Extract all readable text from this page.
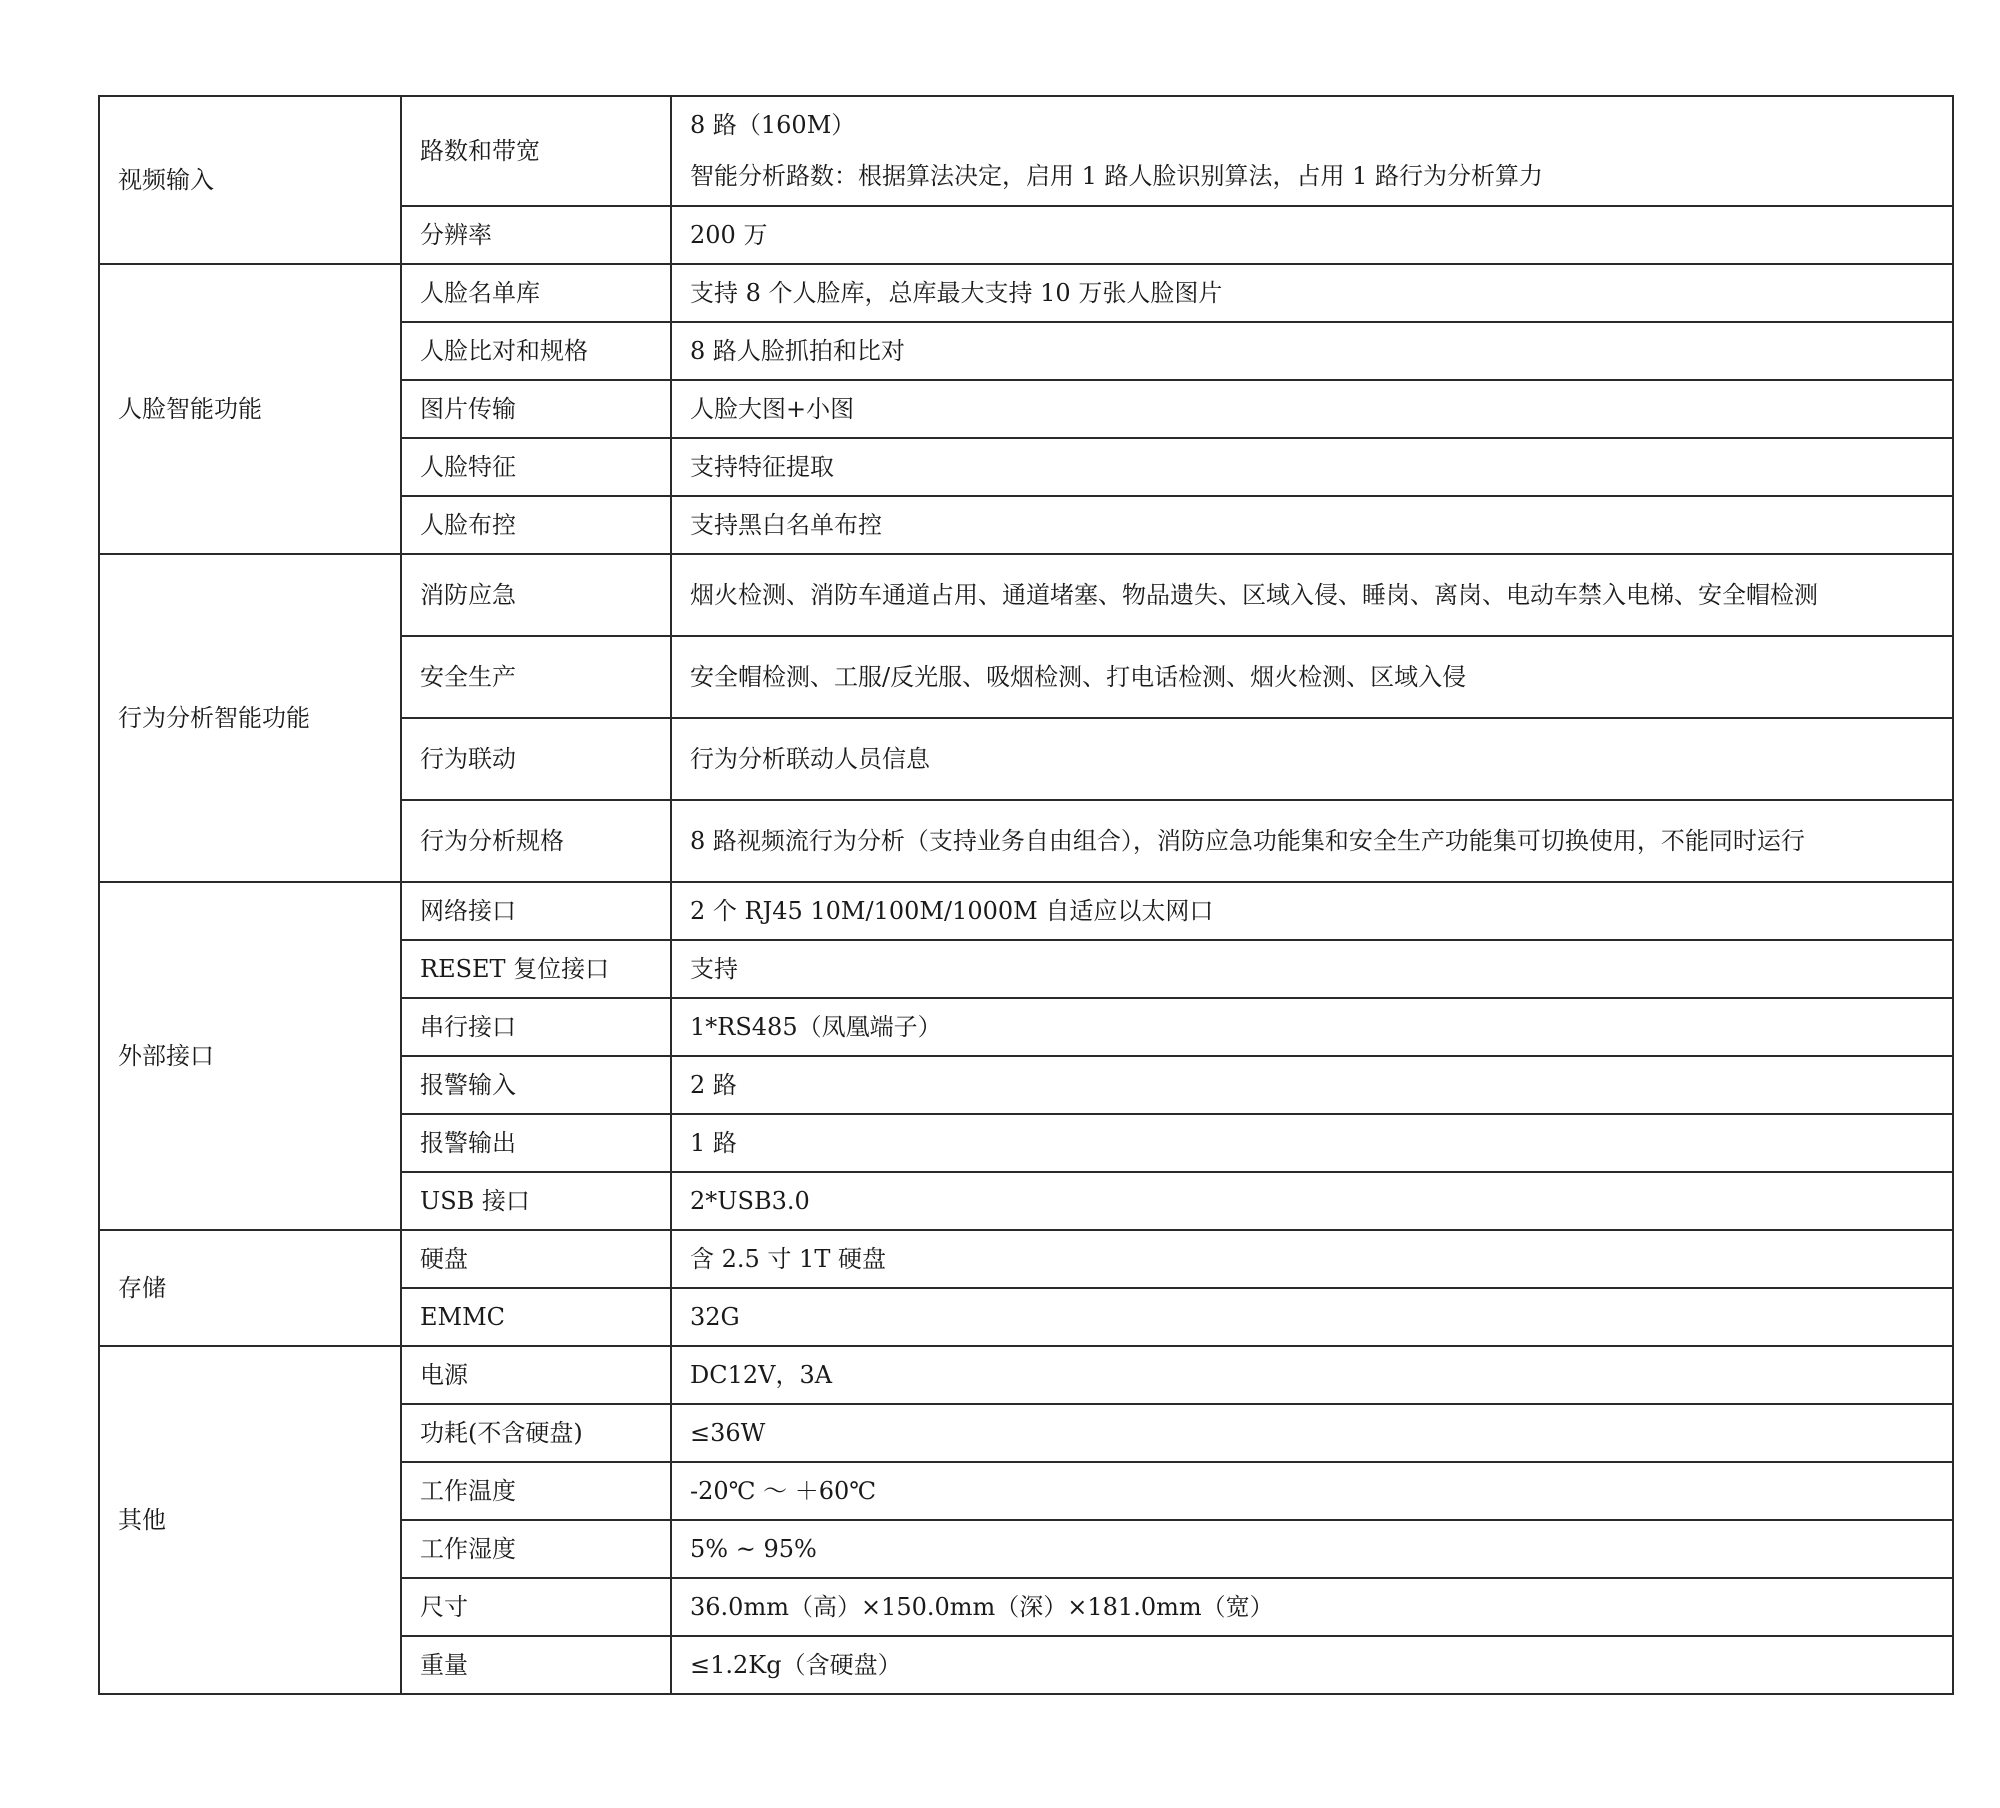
视频输入	路数和带宽	8 路（160M）
智能分析路数：根据算法决定，启用 1 路人脸识别算法，占用 1 路行为分析算力

	分辨率	200 万

人脸智能功能	人脸名单库	支持 8 个人脸库，总库最大支持 10 万张人脸图片

	人脸比对和规格	8 路人脸抓拍和比对

	图片传输	人脸大图+小图

	人脸特征	支持特征提取

	人脸布控	支持黑白名单布控

行为分析智能功能	消防应急	烟火检测、消防车通道占用、通道堵塞、物品遗失、区域入侵、睡岗、离岗、电动车禁入电梯、安全帽检测

	安全生产	安全帽检测、工服/反光服、吸烟检测、打电话检测、烟火检测、区域入侵

	行为联动	行为分析联动人员信息

	行为分析规格	8 路视频流行为分析（支持业务自由组合），消防应急功能集和安全生产功能集可切换使用，不能同时运行

外部接口	网络接口	2 个 RJ45 10M/100M/1000M 自适应以太网口

	RESET 复位接口	支持

	串行接口	1*RS485（凤凰端子）

	报警输入	2 路

	报警输出	1 路

	USB 接口	2*USB3.0

存储	硬盘	含 2.5 寸 1T 硬盘

	EMMC	32G

其他	电源	DC12V，3A

	功耗(不含硬盘)	≤36W

	工作温度	-20℃ ～ ＋60℃

	工作湿度	5% ~ 95%

	尺寸	36.0mm（高）×150.0mm（深）×181.0mm（宽）

	重量	≤1.2Kg（含硬盘）
